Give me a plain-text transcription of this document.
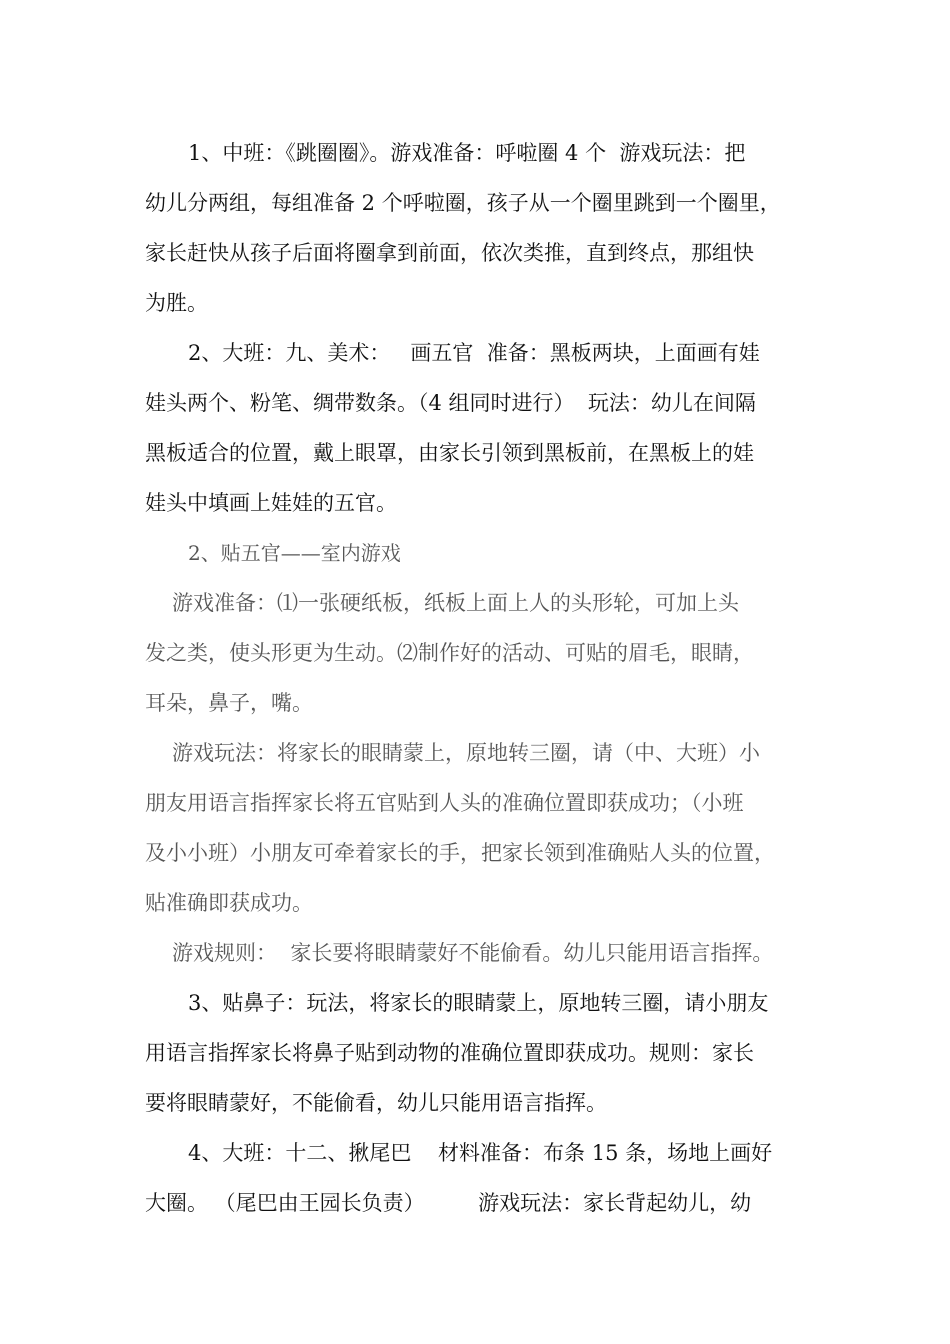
1、中班：《跳圈圈》。游戏准备：呼啦圈 4 个  游戏玩法：把
幼儿分两组，每组准备 2 个呼啦圈，孩子从一个圈里跳到一个圈里，
家长赶快从孩子后面将圈拿到前面，依次类推，直到终点，那组快
为胜。
2、大班：九、美术：   画五官  准备：黑板两块，上面画有娃
娃头两个、粉笔、绸带数条。（4 组同时进行）  玩法：幼儿在间隔
黑板适合的位置，戴上眼罩，由家长引领到黑板前，在黑板上的娃
娃头中填画上娃娃的五官。
2、贴五官——室内游戏
游戏准备：⑴一张硬纸板，纸板上面上人的头形轮，可加上头
发之类，使头形更为生动。⑵制作好的活动、可贴的眉毛，眼睛，
耳朵，鼻子，嘴。
游戏玩法：将家长的眼睛蒙上，原地转三圈，请（中、大班）小
朋友用语言指挥家长将五官贴到人头的准确位置即获成功；（小班
及小小班）小朋友可牵着家长的手，把家长领到准确贴人头的位置，
贴准确即获成功。
游戏规则：  家长要将眼睛蒙好不能偷看。幼儿只能用语言指挥。
3、贴鼻子：玩法，将家长的眼睛蒙上，原地转三圈，请小朋友
用语言指挥家长将鼻子贴到动物的准确位置即获成功。规则：家长
要将眼睛蒙好，不能偷看，幼儿只能用语言指挥。
4、大班：十二、揪尾巴    材料准备：布条 15 条，场地上画好
大圈。 （尾巴由王园长负责）        游戏玩法：家长背起幼儿，幼
